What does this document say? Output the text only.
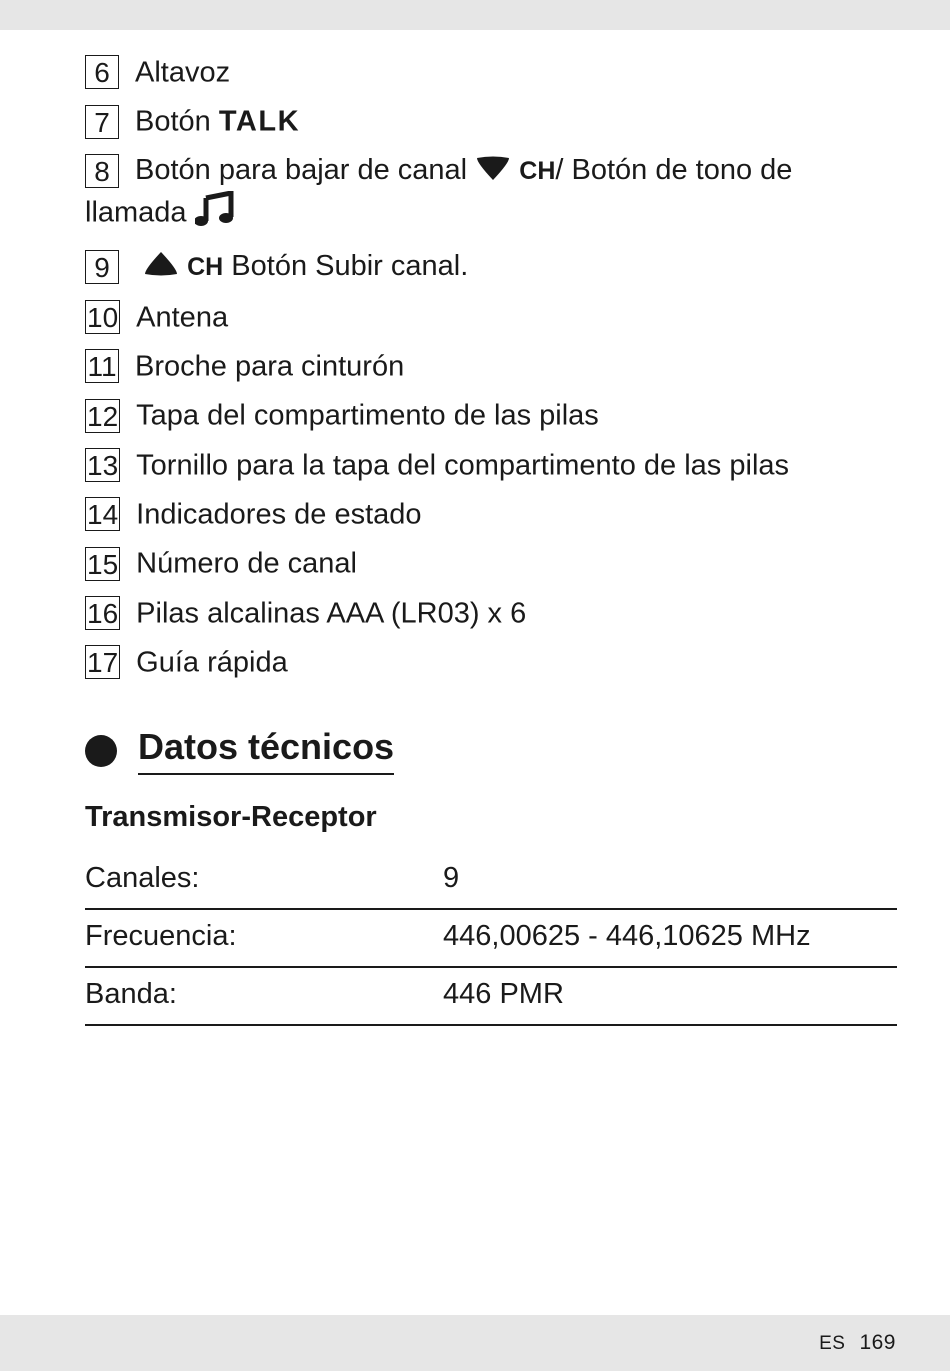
6 Altavoz
7 Botón TALK
8 Botón para bajar de canal CH/ Botón de tono de
llamada
9	CH Botón Subir canal.
10 Antena
11 Broche para cinturón
12 Tapa del compartimento de las pilas
13 Tornillo para la tapa del compartimento de las pilas
14 Indicadores de estado
15 Número de canal
16 Pilas alcalinas AAA (LR03) x 6
17 Guía rápida
Datos técnicos
Transmisor-Receptor
Canales:	9
Frecuencia:	446,00625 - 446,10625 MHz
Banda:	446 PMR
ES 169
